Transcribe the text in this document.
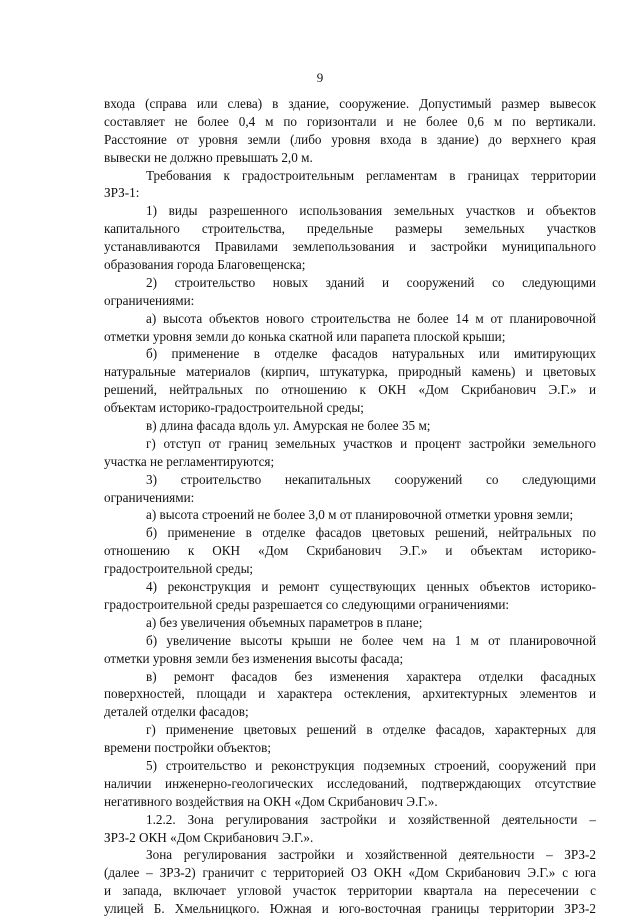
9
входа (справа или слева) в здание, сооружение. Допустимый размер вывесок
составляет не более 0,4 м по горизонтали и не более 0,6 м по вертикали.
Расстояние от уровня земли (либо уровня входа в здание) до верхнего края
вывески не должно превышать 2,0 м.
Требования к градостроительным регламентам в границах территории
ЗРЗ-1:
1) виды разрешенного использования земельных участков и объектов
капитального строительства, предельные размеры земельных участков
устанавливаются Правилами землепользования и застройки муниципального
образования города Благовещенска;
2) строительство новых зданий и сооружений со следующими
ограничениями:
а) высота объектов нового строительства не более 14 м от планировочной
отметки уровня земли до конька скатной или парапета плоской крыши;
б) применение в отделке фасадов натуральных или имитирующих
натуральные материалов (кирпич, штукатурка, природный камень) и цветовых
решений, нейтральных по отношению к ОКН «Дом Скрибанович Э.Г.» и
объектам историко-градостроительной среды;
в) длина фасада вдоль ул. Амурская не более 35 м;
г) отступ от границ земельных участков и процент застройки земельного
участка не регламентируются;
3) строительство некапитальных сооружений со следующими
ограничениями:
а) высота строений не более 3,0 м от планировочной отметки уровня земли;
б) применение в отделке фасадов цветовых решений, нейтральных по
отношению к ОКН «Дом Скрибанович Э.Г.» и объектам историко-
градостроительной среды;
4) реконструкция и ремонт существующих ценных объектов историко-
градостроительной среды разрешается со следующими ограничениями:
а) без увеличения объемных параметров в плане;
б) увеличение высоты крыши не более чем на 1 м от планировочной
отметки уровня земли без изменения высоты фасада;
в) ремонт фасадов без изменения характера отделки фасадных
поверхностей, площади и характера остекления, архитектурных элементов и
деталей отделки фасадов;
г) применение цветовых решений в отделке фасадов, характерных для
времени постройки объектов;
5) строительство и реконструкция подземных строений, сооружений при
наличии инженерно-геологических исследований, подтверждающих отсутствие
негативного воздействия на ОКН «Дом Скрибанович Э.Г.».
1.2.2. Зона регулирования застройки и хозяйственной деятельности –
ЗРЗ-2 ОКН «Дом Скрибанович Э.Г.».
Зона регулирования застройки и хозяйственной деятельности – ЗРЗ-2
(далее – ЗРЗ-2) граничит с территорией ОЗ ОКН «Дом Скрибанович Э.Г.» с юга
и запада, включает угловой участок территории квартала на пересечении с
улицей Б. Хмельницкого. Южная и юго-восточная границы территории ЗРЗ-2
